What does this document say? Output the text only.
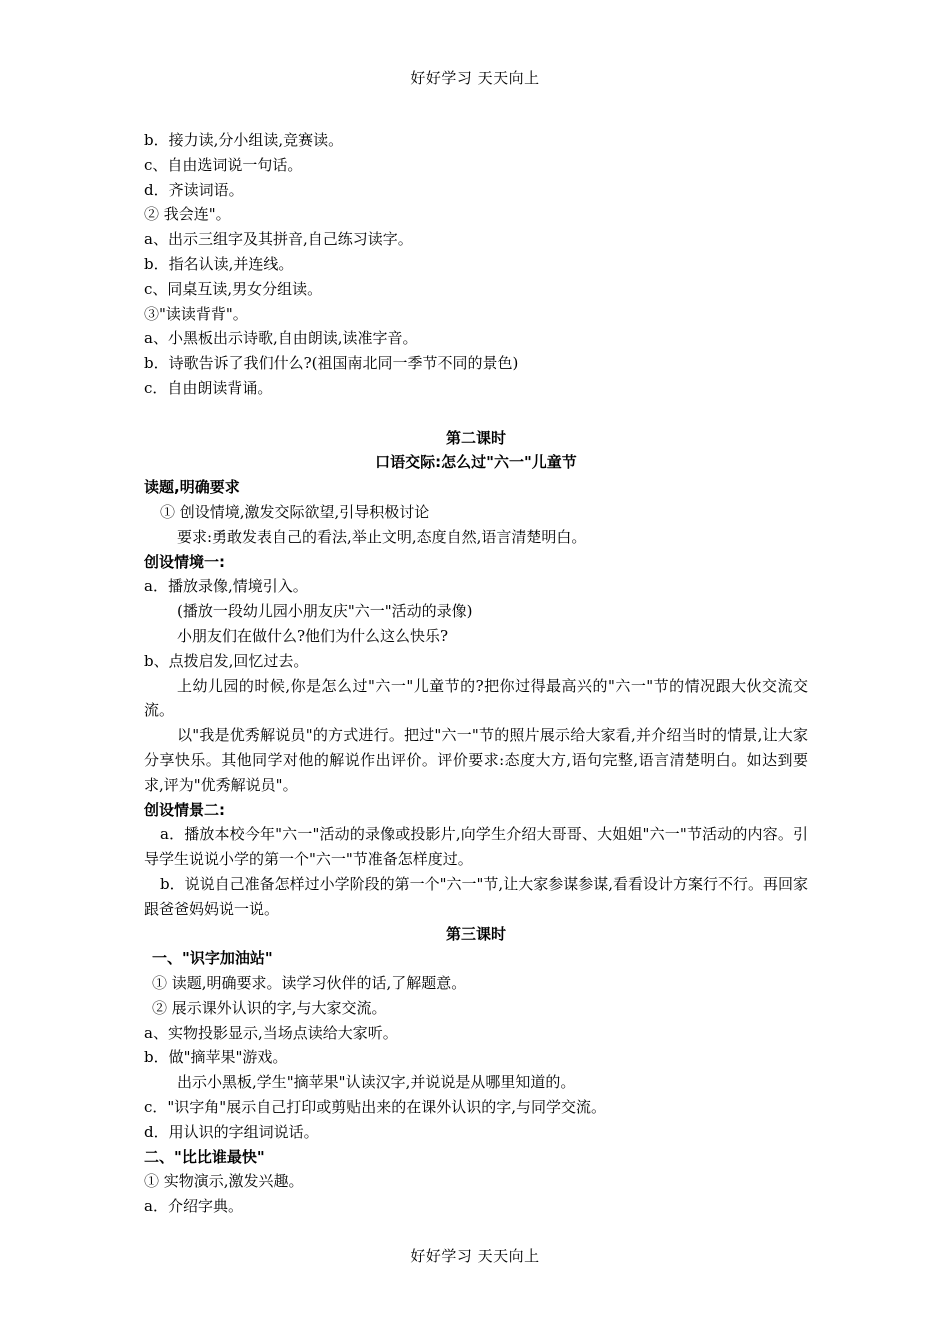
好好学习 天天向上
b．接力读,分小组读,竞赛读。
c、自由选词说一句话。
d．齐读词语。
② 我会连"。
a、出示三组字及其拼音,自己练习读字。
b．指名认读,并连线。
c、同桌互读,男女分组读。
③"读读背背"。
a、小黑板出示诗歌,自由朗读,读准字音。
b．诗歌告诉了我们什么?(祖国南北同一季节不同的景色)
c．自由朗读背诵。
第二课时
口语交际:怎么过"六一"儿童节
读题,明确要求
① 创设情境,激发交际欲望,引导积极讨论
要求:勇敢发表自己的看法,举止文明,态度自然,语言清楚明白。
创设情境一:
a．播放录像,情境引入。
(播放一段幼儿园小朋友庆"六一"活动的录像)
小朋友们在做什么?他们为什么这么快乐?
b、点拨启发,回忆过去。
上幼儿园的时候,你是怎么过"六一"儿童节的?把你过得最高兴的"六一"节的情况跟大伙交流交流。
以"我是优秀解说员"的方式进行。把过"六一"节的照片展示给大家看,并介绍当时的情景,让大家分享快乐。其他同学对他的解说作出评价。评价要求:态度大方,语句完整,语言清楚明白。如达到要求,评为"优秀解说员"。
创设情景二:
a．播放本校今年"六一"活动的录像或投影片,向学生介绍大哥哥、大姐姐"六一"节活动的内容。引导学生说说小学的第一个"六一"节准备怎样度过。
b．说说自己准备怎样过小学阶段的第一个"六一"节,让大家参谋参谋,看看设计方案行不行。再回家跟爸爸妈妈说一说。
第三课时
一、"识字加油站"
① 读题,明确要求。读学习伙伴的话,了解题意。
② 展示课外认识的字,与大家交流。
a、实物投影显示,当场点读给大家听。
b．做"摘苹果"游戏。
出示小黑板,学生"摘苹果"认读汉字,并说说是从哪里知道的。
c．"识字角"展示自己打印或剪贴出来的在课外认识的字,与同学交流。
d．用认识的字组词说话。
二、"比比谁最快"
① 实物演示,激发兴趣。
a．介绍字典。
好好学习 天天向上
